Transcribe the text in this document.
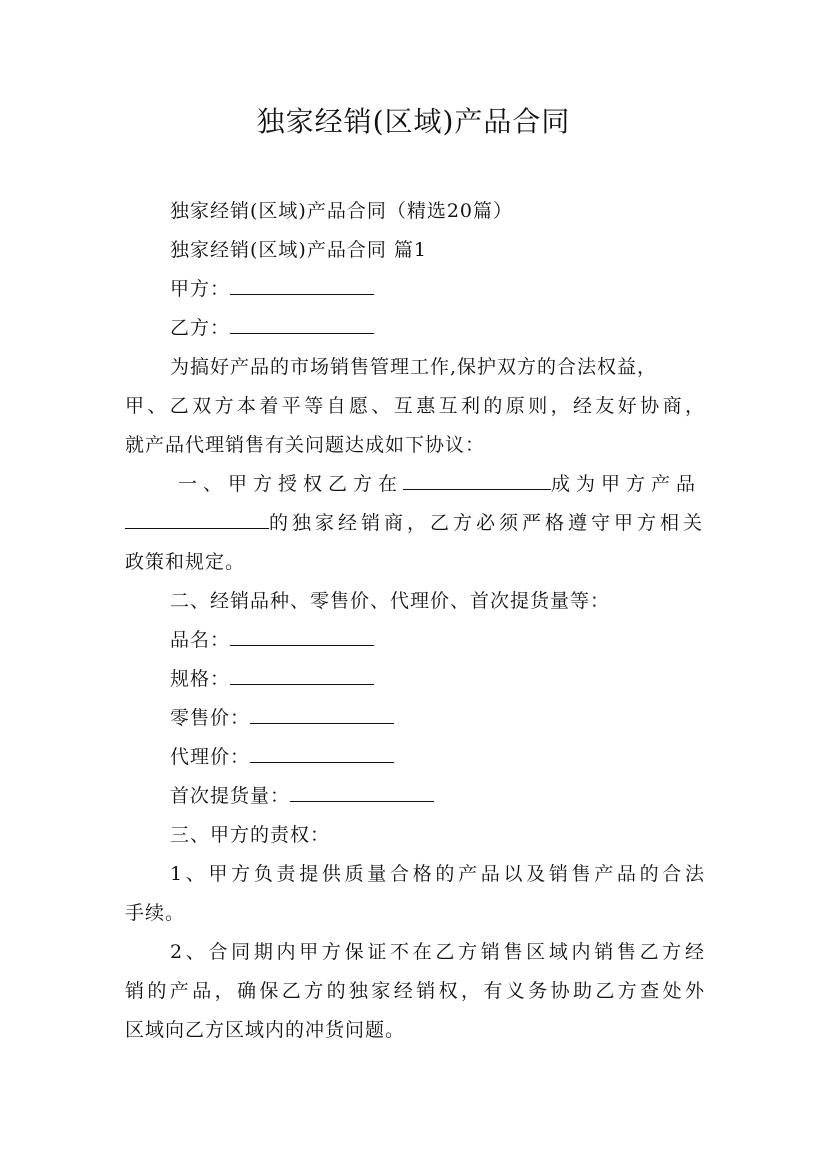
独家经销(区域)产品合同
独家经销(区域)产品合同（精选20篇）
独家经销(区域)产品合同 篇1
甲方：
乙方：
为搞好产品的市场销售管理工作,保护双方的合法权益，
甲、乙双方本着平等自愿、互惠互利的原则，经友好协商，
就产品代理销售有关问题达成如下协议：
一、甲方授权乙方在	成为甲方产品
的独家经销商，乙方必须严格遵守甲方相关
政策和规定。
二、经销品种、零售价、代理价、首次提货量等：
品名：
规格：
零售价：
代理价：
首次提货量：
三、甲方的责权：
1、甲方负责提供质量合格的产品以及销售产品的合法
手续。
2、合同期内甲方保证不在乙方销售区域内销售乙方经
销的产品，确保乙方的独家经销权，有义务协助乙方查处外
区域向乙方区域内的冲货问题。
